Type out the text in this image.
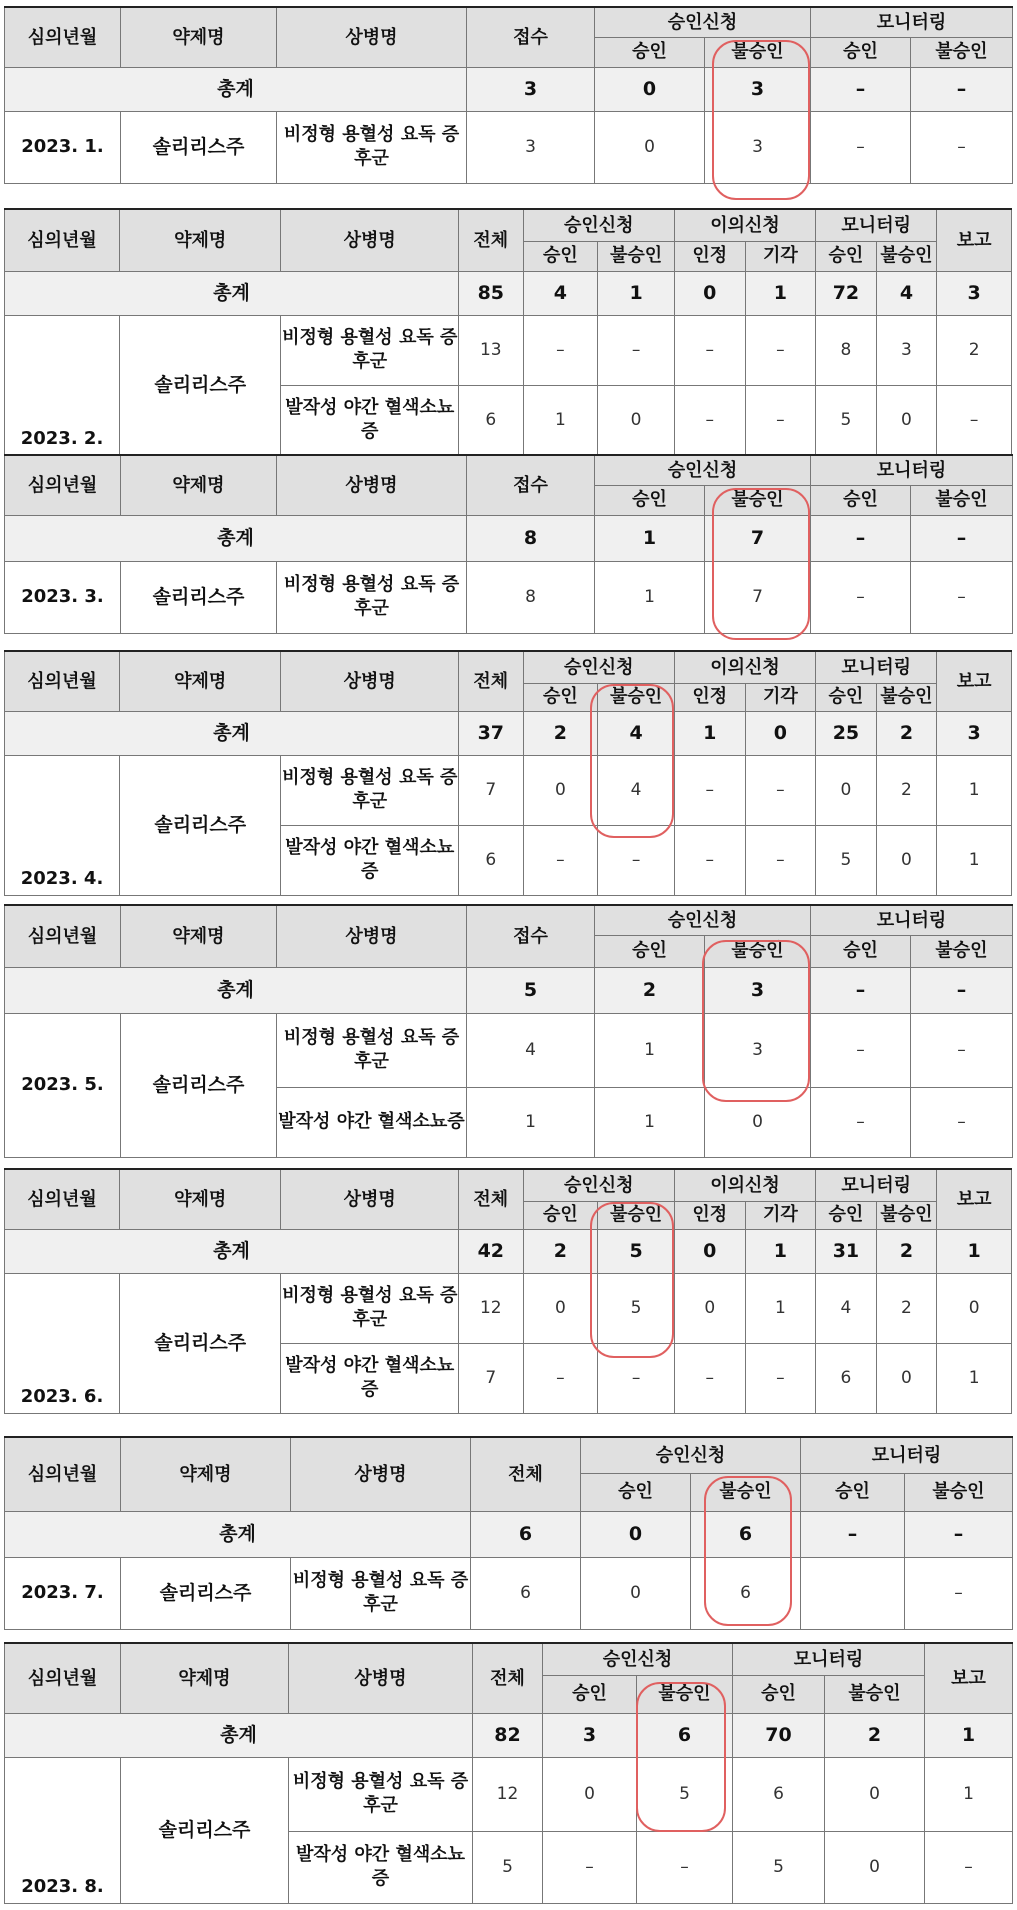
심의년월	약제명	상병명	접수	승인신청		모니터링	
				승인	불승인	승인	불승인
총계			3	0	3	–	–
2023. 1.	솔리리스주	비정형 용혈성 요독 증후군	3	0	3	–	–
심의년월	약제명	상병명	전체	승인신청		이의신청		모니터링		보고
				승인	불승인	인정	기각	승인	불승인	
총계			85	4	1	0	1	72	4	3
2023. 2.	솔리리스주	비정형 용혈성 요독 증후군	13	–	–	–	–	8	3	2
		발작성 야간 혈색소뇨증	6	1	0	–	–	5	0	–
심의년월	약제명	상병명	접수	승인신청		모니터링	
				승인	불승인	승인	불승인
총계			8	1	7	–	–
2023. 3.	솔리리스주	비정형 용혈성 요독 증후군	8	1	7	–	–
심의년월	약제명	상병명	전체	승인신청		이의신청		모니터링		보고
				승인	불승인	인정	기각	승인	불승인	
총계			37	2	4	1	0	25	2	3
2023. 4.	솔리리스주	비정형 용혈성 요독 증후군	7	0	4	–	–	0	2	1
		발작성 야간 혈색소뇨증	6	–	–	–	–	5	0	1
심의년월	약제명	상병명	접수	승인신청		모니터링	
				승인	불승인	승인	불승인
총계			5	2	3	–	–
2023. 5.	솔리리스주	비정형 용혈성 요독 증후군	4	1	3	–	–
		발작성 야간 혈색소뇨증	1	1	0	–	–
심의년월	약제명	상병명	전체	승인신청		이의신청		모니터링		보고
				승인	불승인	인정	기각	승인	불승인	
총계			42	2	5	0	1	31	2	1
2023. 6.	솔리리스주	비정형 용혈성 요독 증후군	12	0	5	0	1	4	2	0
		발작성 야간 혈색소뇨증	7	–	–	–	–	6	0	1
심의년월	약제명	상병명	전체	승인신청		모니터링	
				승인	불승인	승인	불승인
총계			6	0	6	–	–
2023. 7.	솔리리스주	비정형 용혈성 요독 증후군	6	0	6		–
심의년월	약제명	상병명	전체	승인신청		모니터링		보고
				승인	불승인	승인	불승인	
총계			82	3	6	70	2	1
2023. 8.	솔리리스주	비정형 용혈성 요독 증후군	12	0	5	6	0	1
		발작성 야간 혈색소뇨증	5	–	–	5	0	–
